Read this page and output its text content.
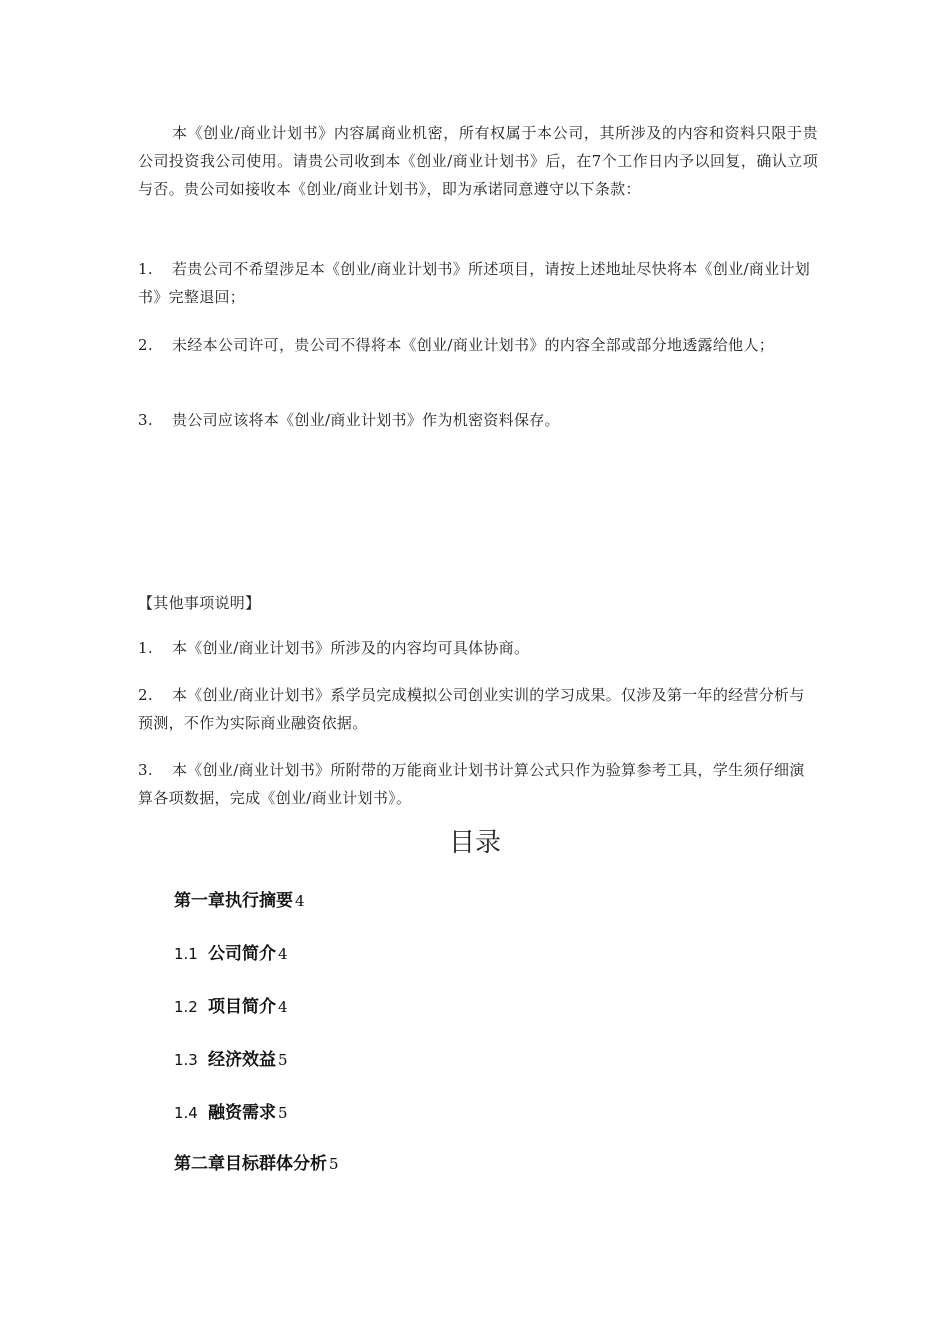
本《创业/商业计划书》内容属商业机密，所有权属于本公司，其所涉及的内容和资料只限于贵公司投资我公司使用。请贵公司收到本《创业/商业计划书》后，在7个工作日内予以回复，确认立项与否。贵公司如接收本《创业/商业计划书》，即为承诺同意遵守以下条款：

1. 若贵公司不希望涉足本《创业/商业计划书》所述项目，请按上述地址尽快将本《创业/商业计划书》完整退回；

2. 未经本公司许可，贵公司不得将本《创业/商业计划书》的内容全部或部分地透露给他人；

3. 贵公司应该将本《创业/商业计划书》作为机密资料保存。

【其他事项说明】

1. 本《创业/商业计划书》所涉及的内容均可具体协商。

2. 本《创业/商业计划书》系学员完成模拟公司创业实训的学习成果。仅涉及第一年的经营分析与预测，不作为实际商业融资依据。

3. 本《创业/商业计划书》所附带的万能商业计划书计算公式只作为验算参考工具，学生须仔细演算各项数据，完成《创业/商业计划书》。

目录

第一章执行摘要 4

1.1 公司简介 4

1.2 项目简介 4

1.3 经济效益 5

1.4 融资需求 5

第二章目标群体分析 5
